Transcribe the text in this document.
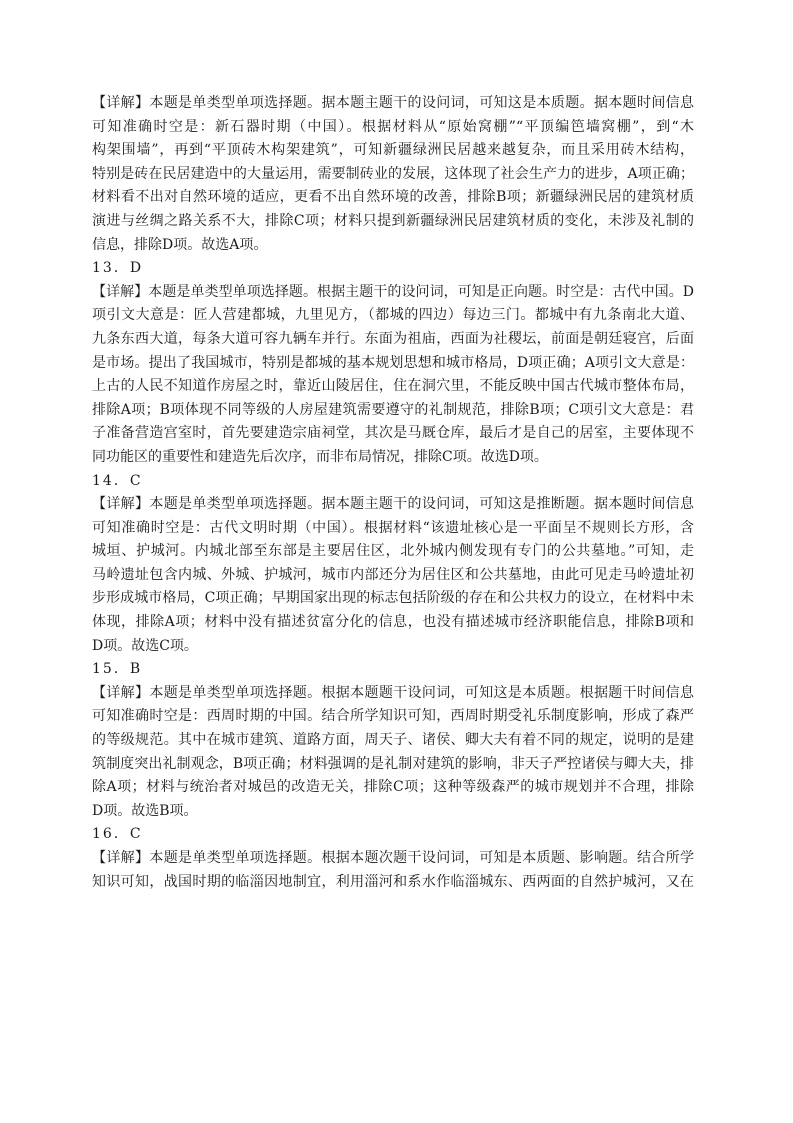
【详解】本题是单类型单项选择题。据本题主题干的设问词，可知这是本质题。据本题时间信息
可知准确时空是：新石器时期（中国）。根据材料从“原始窝棚”“平顶编笆墙窝棚”，到“木
构架围墙”，再到“平顶砖木构架建筑”，可知新疆绿洲民居越来越复杂，而且采用砖木结构，
特别是砖在民居建造中的大量运用，需要制砖业的发展，这体现了社会生产力的进步，A项正确；
材料看不出对自然环境的适应，更看不出自然环境的改善，排除B项；新疆绿洲民居的建筑材质
演进与丝绸之路关系不大，排除C项；材料只提到新疆绿洲民居建筑材质的变化，未涉及礼制的
信息，排除D项。故选A项。
13．D
【详解】本题是单类型单项选择题。根据主题干的设问词，可知是正向题。时空是：古代中国。D
项引文大意是：匠人营建都城，九里见方，（都城的四边）每边三门。都城中有九条南北大道、
九条东西大道，每条大道可容九辆车并行。东面为祖庙，西面为社稷坛，前面是朝廷寝宫，后面
是市场。提出了我国城市，特别是都城的基本规划思想和城市格局，D项正确；A项引文大意是：
上古的人民不知道作房屋之时，靠近山陵居住，住在洞穴里，不能反映中国古代城市整体布局，
排除A项；B项体现不同等级的人房屋建筑需要遵守的礼制规范，排除B项；C项引文大意是：君
子准备营造宫室时，首先要建造宗庙祠堂，其次是马厩仓库，最后才是自己的居室，主要体现不
同功能区的重要性和建造先后次序，而非布局情况，排除C项。故选D项。
14．C
【详解】本题是单类型单项选择题。据本题主题干的设问词，可知这是推断题。据本题时间信息
可知准确时空是：古代文明时期（中国）。根据材料“该遗址核心是一平面呈不规则长方形，含
城垣、护城河。内城北部至东部是主要居住区，北外城内侧发现有专门的公共墓地。”可知，走
马岭遗址包含内城、外城、护城河，城市内部还分为居住区和公共墓地，由此可见走马岭遗址初
步形成城市格局，C项正确；早期国家出现的标志包括阶级的存在和公共权力的设立，在材料中未
体现，排除A项；材料中没有描述贫富分化的信息，也没有描述城市经济职能信息，排除B项和
D项。故选C项。
15．B
【详解】本题是单类型单项选择题。根据本题题干设问词，可知这是本质题。根据题干时间信息
可知准确时空是：西周时期的中国。结合所学知识可知，西周时期受礼乐制度影响，形成了森严
的等级规范。其中在城市建筑、道路方面，周天子、诸侯、卿大夫有着不同的规定，说明的是建
筑制度突出礼制观念，B项正确；材料强调的是礼制对建筑的影响，非天子严控诸侯与卿大夫，排
除A项；材料与统治者对城邑的改造无关，排除C项；这种等级森严的城市规划并不合理，排除
D项。故选B项。
16．C
【详解】本题是单类型单项选择题。根据本题次题干设问词，可知是本质题、影响题。结合所学
知识可知，战国时期的临淄因地制宜，利用淄河和系水作临淄城东、西两面的自然护城河，又在
